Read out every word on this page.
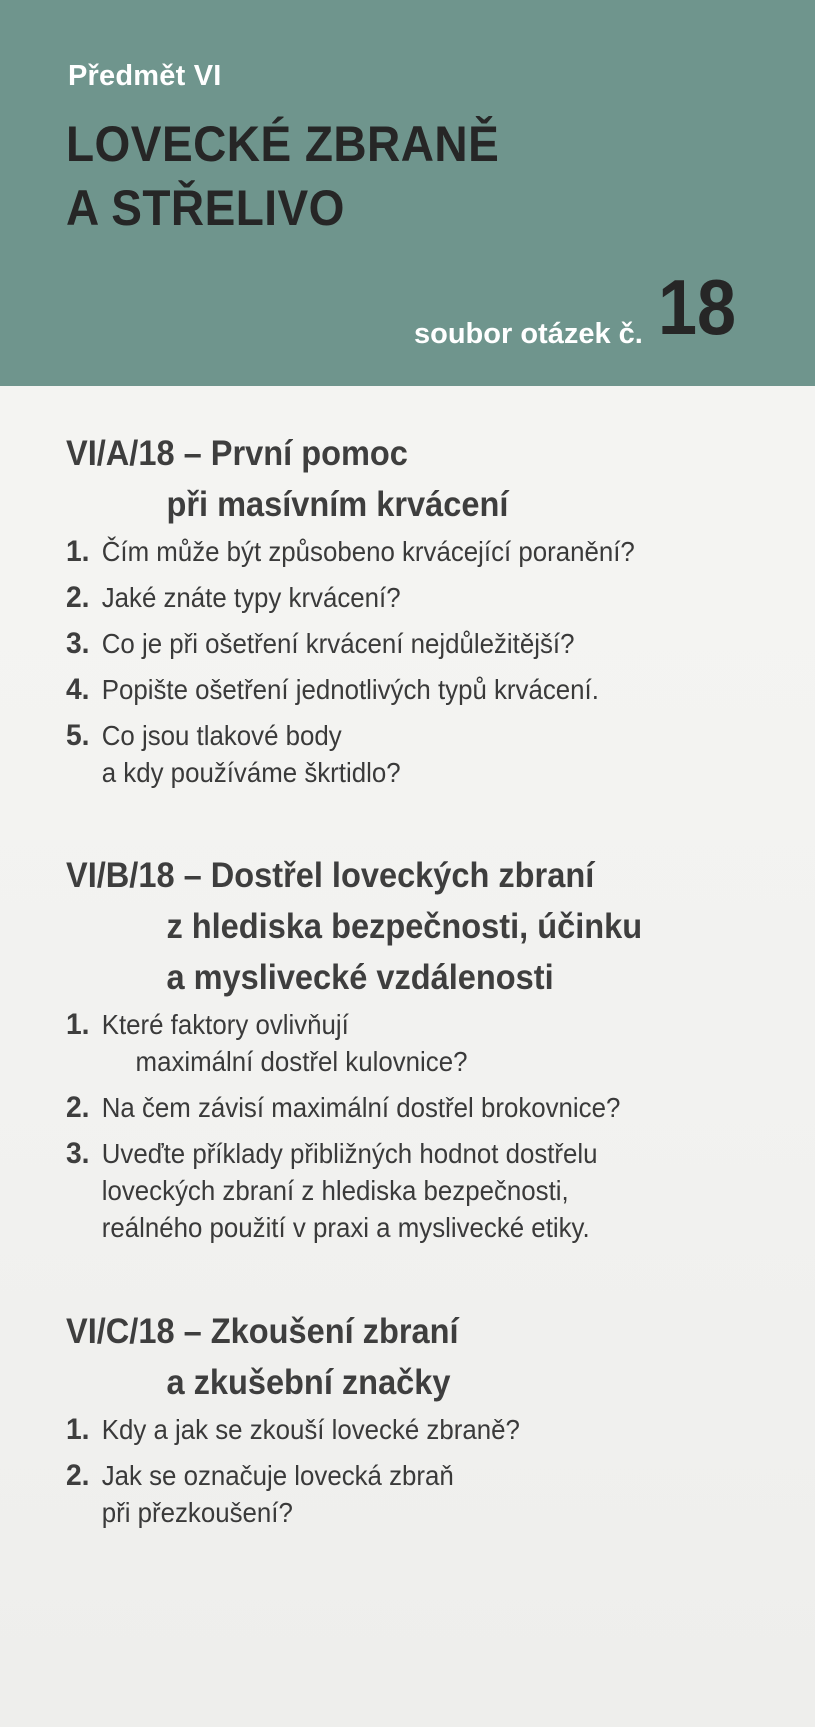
Předmět VI
LOVECKÉ ZBRANĚ
A STŘELIVO
soubor otázek č. 18
VI/A/18 – První pomoc
při masívním krvácení
1. Čím může být způsobeno krvácející poranění?
2. Jaké znáte typy krvácení?
3. Co je při ošetření krvácení nejdůležitější?
4. Popište ošetření jednotlivých typů krvácení.
5. Co jsou tlakové body
a kdy používáme škrtidlo?
VI/B/18 – Dostřel loveckých zbraní
z hlediska bezpečnosti, účinku
a myslivecké vzdálenosti
1. Které faktory ovlivňují
maximální dostřel kulovnice?
2. Na čem závisí maximální dostřel brokovnice?
3. Uveďte příklady přibližných hodnot dostřelu
loveckých zbraní z hlediska bezpečnosti,
reálného použití v praxi a myslivecké etiky.
VI/C/18 – Zkoušení zbraní
a zkušební značky
1. Kdy a jak se zkouší lovecké zbraně?
2. Jak se označuje lovecká zbraň
při přezkoušení?
